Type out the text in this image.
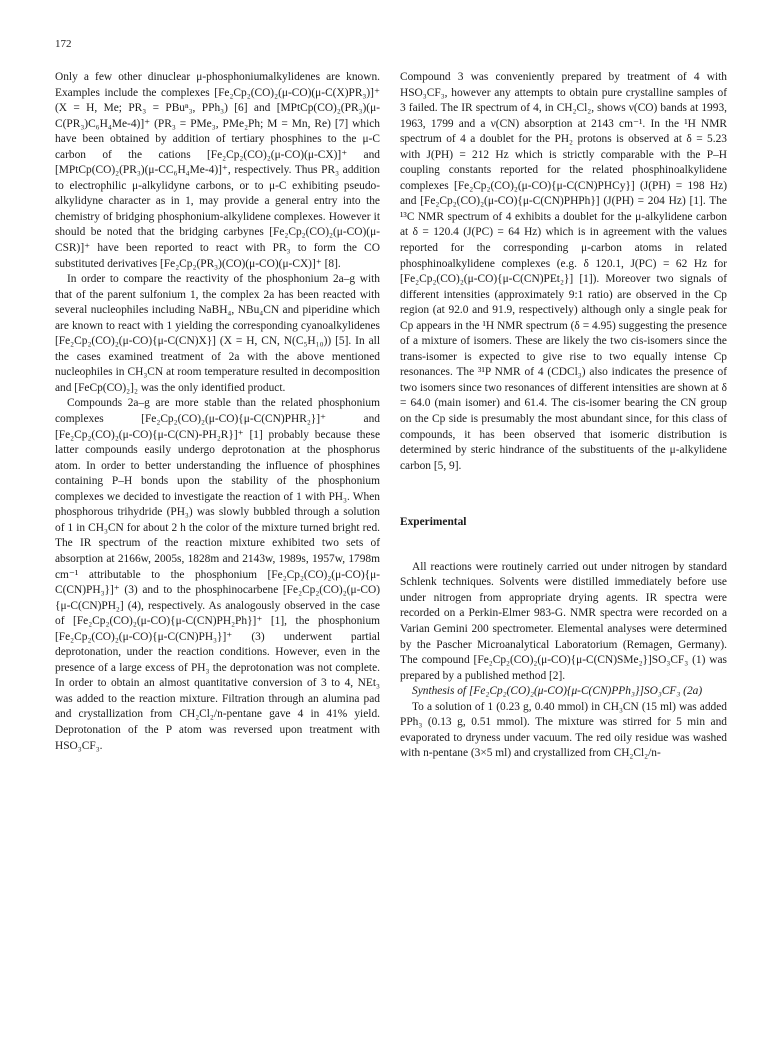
172

Only a few other dinuclear μ-phosphoniumalkylidenes are known. Examples include the complexes [Fe₂Cp₂(CO)₂(μ-CO)(μ-C(X)PR₃)]⁺ (X = H, Me; PR₃ = PBuⁿ₃, PPh₃) [6] and [MPtCp(CO)₂(PR₃)(μ-C(PR₃)C₆H₄Me-4)]⁺ (PR₃ = PMe₃, PMe₂Ph; M = Mn, Re) [7] which have been obtained by addition of tertiary phosphines to the μ-C carbon of the cations [Fe₂Cp₂(CO)₂(μ-CO)(μ-CX)]⁺ and [MPtCp(CO)₂(PR₃)(μ-CC₆H₄Me-4)]⁺, respectively. Thus PR₃ addition to electrophilic μ-alkylidyne carbons, or to μ-C exhibiting pseudo-alkylidyne character as in 1, may provide a general entry into the chemistry of bridging phosphonium-alkylidene complexes. However it should be noted that the bridging carbynes [Fe₂Cp₂(CO)₂(μ-CO)(μ-CSR)]⁺ have been reported to react with PR₃ to form the CO substituted derivatives [Fe₂Cp₂(PR₃)(CO)(μ-CO)(μ-CX)]⁺ [8].

In order to compare the reactivity of the phosphonium 2a–g with that of the parent sulfonium 1, the complex 2a has been reacted with several nucleophiles including NaBH₄, NBu₄CN and piperidine which are known to react with 1 yielding the corresponding cyanoalkylidenes [Fe₂Cp₂(CO)₂(μ-CO){μ-C(CN)X}] (X = H, CN, N(C₅H₁₀)) [5]. In all the cases examined treatment of 2a with the above mentioned nucleophiles in CH₃CN at room temperature resulted in decomposition and [FeCp(CO)₂]₂ was the only identified product.

Compounds 2a–g are more stable than the related phosphonium complexes [Fe₂Cp₂(CO)₂(μ-CO){μ-C(CN)PHR₂}]⁺ and [Fe₂Cp₂(CO)₂(μ-CO){μ-C(CN)-PH₂R}]⁺ [1] probably because these latter compounds easily undergo deprotonation at the phosphorus atom. In order to better understanding the influence of phosphines containing P–H bonds upon the stability of the phosphonium complexes we decided to investigate the reaction of 1 with PH₃. When phosphorous trihydride (PH₃) was slowly bubbled through a solution of 1 in CH₃CN for about 2 h the color of the mixture turned bright red. The IR spectrum of the reaction mixture exhibited two sets of absorption at 2166w, 2005s, 1828m and 2143w, 1989s, 1957w, 1798m cm⁻¹ attributable to the phosphonium [Fe₂Cp₂(CO)₂(μ-CO){μ-C(CN)PH₃}]⁺ (3) and to the phosphinocarbene [Fe₂Cp₂(CO)₂(μ-CO){μ-C(CN)PH₂] (4), respectively. As analogously observed in the case of [Fe₂Cp₂(CO)₂(μ-CO){μ-C(CN)PH₂Ph}]⁺ [1], the phosphonium [Fe₂Cp₂(CO)₂(μ-CO){μ-C(CN)PH₃}]⁺ (3) underwent partial deprotonation, under the reaction conditions. However, even in the presence of a large excess of PH₃ the deprotonation was not complete. In order to obtain an almost quantitative conversion of 3 to 4, NEt₃ was added to the reaction mixture. Filtration through an alumina pad and crystallization from CH₂Cl₂/n-pentane gave 4 in 41% yield. Deprotonation of the P atom was reversed upon treatment with HSO₃CF₃.

Compound 3 was conveniently prepared by treatment of 4 with HSO₃CF₃, however any attempts to obtain pure crystalline samples of 3 failed. The IR spectrum of 4, in CH₂Cl₂, shows ν(CO) bands at 1993, 1963, 1799 and a ν(CN) absorption at 2143 cm⁻¹. In the ¹H NMR spectrum of 4 a doublet for the PH₂ protons is observed at δ = 5.23 with J(PH) = 212 Hz which is strictly comparable with the P–H coupling constants reported for the related phosphinoalkylidene complexes [Fe₂Cp₂(CO)₂(μ-CO){μ-C(CN)PHCy}] (J(PH) = 198 Hz) and [Fe₂Cp₂(CO)₂(μ-CO){μ-C(CN)PHPh}] (J(PH) = 204 Hz) [1]. The ¹³C NMR spectrum of 4 exhibits a doublet for the μ-alkylidene carbon at δ = 120.4 (J(PC) = 64 Hz) which is in agreement with the values reported for the corresponding μ-carbon atoms in related phosphinoalkylidene complexes (e.g. δ 120.1, J(PC) = 62 Hz for [Fe₂Cp₂(CO)₂(μ-CO){μ-C(CN)PEt₂}] [1]). Moreover two signals of different intensities (approximately 9:1 ratio) are observed in the Cp region (at 92.0 and 91.9, respectively) although only a single peak for Cp appears in the ¹H NMR spectrum (δ = 4.95) suggesting the presence of a mixture of isomers. These are likely the two cis-isomers since the trans-isomer is expected to give rise to two equally intense Cp resonances. The ³¹P NMR of 4 (CDCl₃) also indicates the presence of two isomers since two resonances of different intensities are shown at δ = 64.0 (main isomer) and 61.4. The cis-isomer bearing the CN group on the Cp side is presumably the most abundant since, for this class of compounds, it has been observed that isomeric distribution is determined by steric hindrance of the substituents of the μ-alkylidene carbon [5, 9].

Experimental

All reactions were routinely carried out under nitrogen by standard Schlenk techniques. Solvents were distilled immediately before use under nitrogen from appropriate drying agents. IR spectra were recorded on a Perkin-Elmer 983-G. NMR spectra were recorded on a Varian Gemini 200 spectrometer. Elemental analyses were determined by the Pascher Microanalytical Laboratorium (Remagen, Germany). The compound [Fe₂Cp₂(CO)₂(μ-CO){μ-C(CN)SMe₂}]SO₃CF₃ (1) was prepared by a published method [2].

Synthesis of [Fe₂Cp₂(CO)₂(μ-CO){μ-C(CN)PPh₃}]SO₃CF₃ (2a)

To a solution of 1 (0.23 g, 0.40 mmol) in CH₃CN (15 ml) was added PPh₃ (0.13 g, 0.51 mmol). The mixture was stirred for 5 min and evaporated to dryness under vacuum. The red oily residue was washed with n-pentane (3×5 ml) and crystallized from CH₂Cl₂/n-
